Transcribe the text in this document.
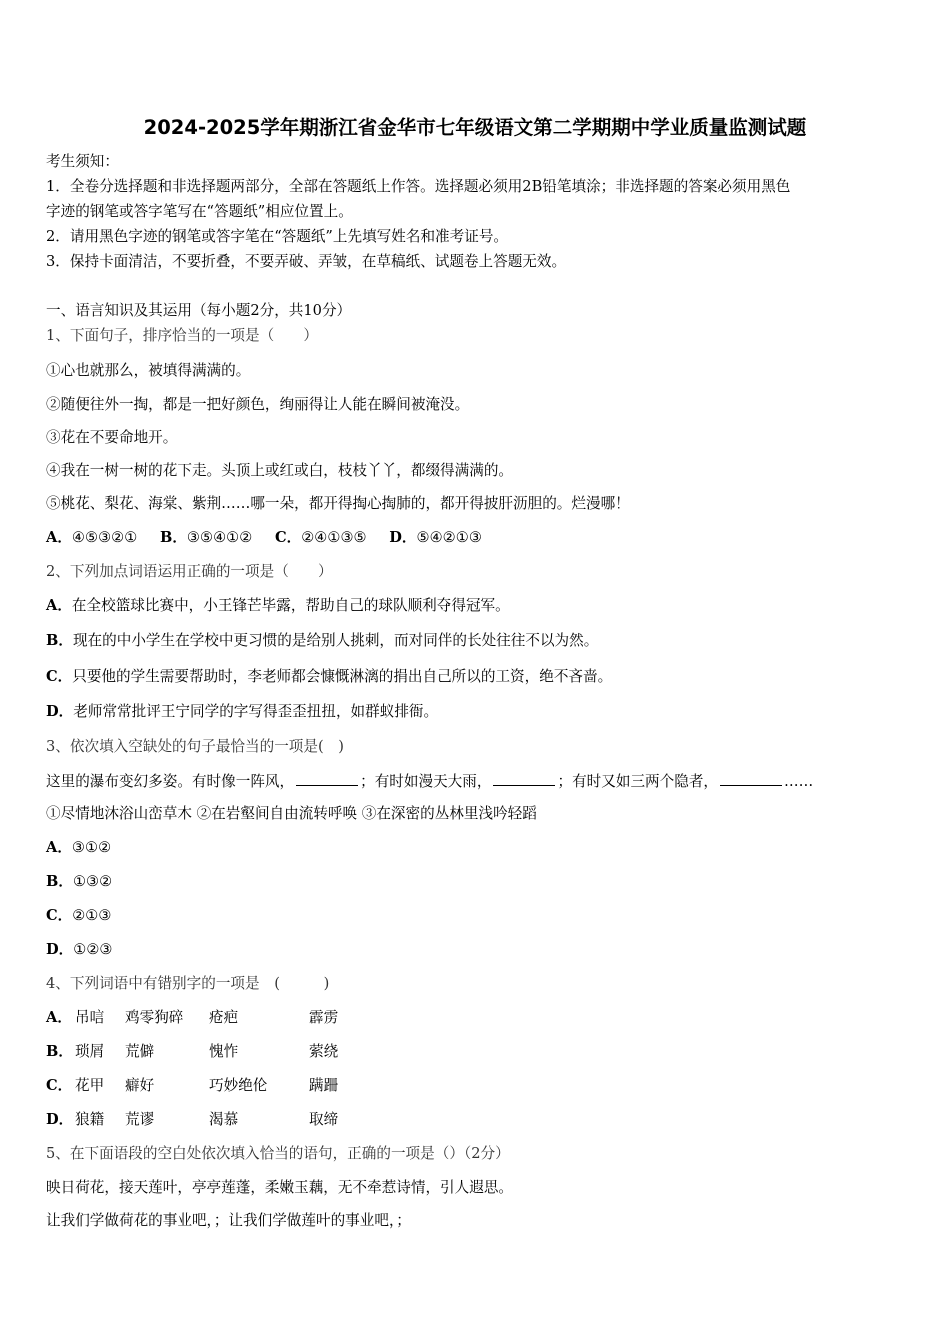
2024-2025学年期浙江省金华市七年级语文第二学期期中学业质量监测试题
考生须知：
1．全卷分选择题和非选择题两部分，全部在答题纸上作答。选择题必须用2B铅笔填涂；非选择题的答案必须用黑色
字迹的钢笔或答字笔写在“答题纸”相应位置上。
2．请用黑色字迹的钢笔或答字笔在“答题纸”上先填写姓名和准考证号。
3．保持卡面清洁，不要折叠，不要弄破、弄皱，在草稿纸、试题卷上答题无效。
一、语言知识及其运用（每小题2分，共10分）
1、下面句子，排序恰当的一项是（　　）
①心也就那么，被填得满满的。
②随便往外一掏，都是一把好颜色，绚丽得让人能在瞬间被淹没。
③花在不要命地开。
④我在一树一树的花下走。头顶上或红或白，枝枝丫丫，都缀得满满的。
⑤桃花、梨花、海棠、紫荆……哪一朵，都开得掏心掏肺的，都开得披肝沥胆的。烂漫哪！
A．④⑤③②① B．③⑤④①② C．②④①③⑤ D．⑤④②①③
2、下列加点词语运用正确的一项是（　　）
A．在全校篮球比赛中，小王锋芒毕露，帮助自己的球队顺利夺得冠军。
B．现在的中小学生在学校中更习惯的是给别人挑刺，而对同伴的长处往往不以为然。
C．只要他的学生需要帮助时，李老师都会慷慨淋漓的捐出自己所以的工资，绝不吝啬。
D．老师常常批评王宁同学的字写得歪歪扭扭，如群蚁排衙。
3、依次填入空缺处的句子最恰当的一项是(　)
这里的瀑布变幻多姿。有时像一阵风，	；有时如漫天大雨，	；有时又如三两个隐者，	……
①尽情地沐浴山峦草木 ②在岩壑间自由流转呼唤 ③在深密的丛林里浅吟轻蹈
A．③①②
B．①③②
C．②①③
D．①②③
4、下列词语中有错别字的一项是　(　　　)
A． 吊唁 鸡零狗碎 疮疤	霹雳
B． 琐屑 荒僻	愧怍	萦绕
C． 花甲 癖好	巧妙绝伦	蹒跚
D． 狼籍 荒谬	渴慕	取缔
5、在下面语段的空白处依次填入恰当的语句，正确的一项是（）（2分）
映日荷花，接天莲叶，亭亭莲蓬，柔嫩玉藕，无不牵惹诗情，引人遐思。
让我们学做荷花的事业吧，；让我们学做莲叶的事业吧，；
